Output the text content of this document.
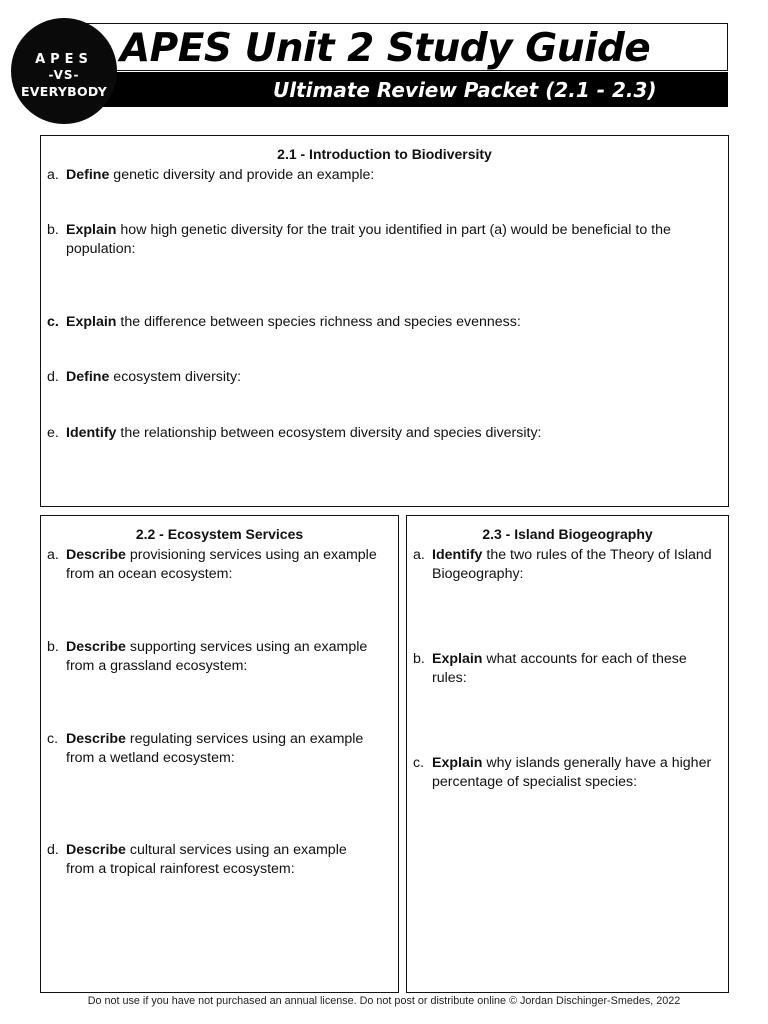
APES
-VS-
EVERYBODY
APES Unit 2 Study Guide
Ultimate Review Packet (2.1 - 2.3)
2.1 - Introduction to Biodiversity
a. Define genetic diversity and provide an example:
b. Explain how high genetic diversity for the trait you identified in part (a) would be beneficial to the population:
c. Explain the difference between species richness and species evenness:
d. Define ecosystem diversity:
e. Identify the relationship between ecosystem diversity and species diversity:
2.2 - Ecosystem Services
a. Describe provisioning services using an example from an ocean ecosystem:
b. Describe supporting services using an example from a grassland ecosystem:
c. Describe regulating services using an example from a wetland ecosystem:
d. Describe cultural services using an example from a tropical rainforest ecosystem:
2.3 - Island Biogeography
a. Identify the two rules of the Theory of Island Biogeography:
b. Explain what accounts for each of these rules:
c. Explain why islands generally have a higher percentage of specialist species:
Do not use if you have not purchased an annual license. Do not post or distribute online © Jordan Dischinger-Smedes, 2022
